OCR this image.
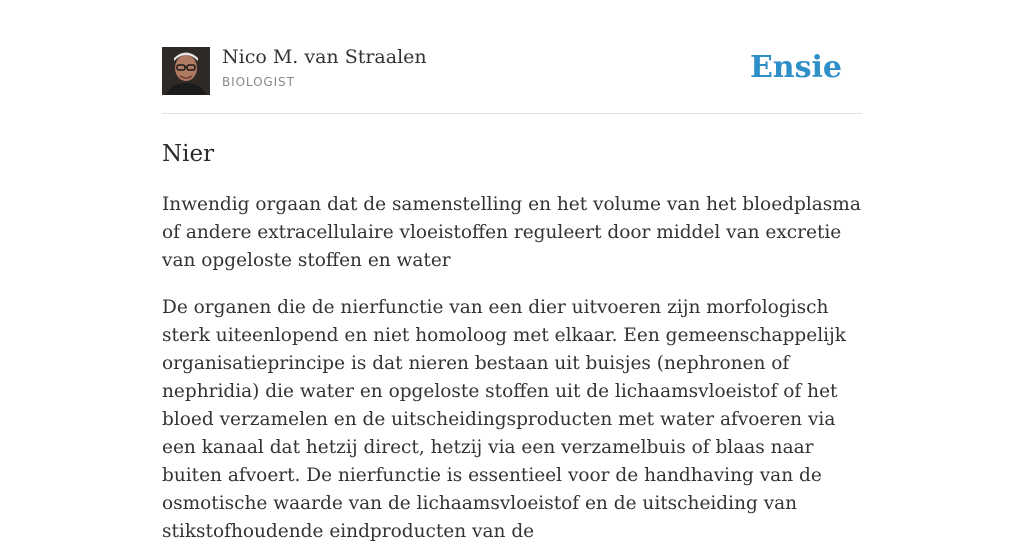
Nico M. van Straalen
BIOLOGIST	Ensie
Nier

Inwendig orgaan dat de samenstelling en het volume van het bloedplasma of andere extracellulaire vloeistoffen reguleert door middel van excretie van opgeloste stoffen en water

De organen die de nierfunctie van een dier uitvoeren zijn morfologisch sterk uiteenlopend en niet homoloog met elkaar. Een gemeenschappelijk organisatieprincipe is dat nieren bestaan uit buisjes (nephronen of nephridia) die water en opgeloste stoffen uit de lichaamsvloeistof of het bloed verzamelen en de uitscheidingsproducten met water afvoeren via een kanaal dat hetzij direct, hetzij via een verzamelbuis of blaas naar buiten afvoert. De nierfunctie is essentieel voor de handhaving van de osmotische waarde van de lichaamsvloeistof en de uitscheiding van stikstofhoudende eindproducten van de
